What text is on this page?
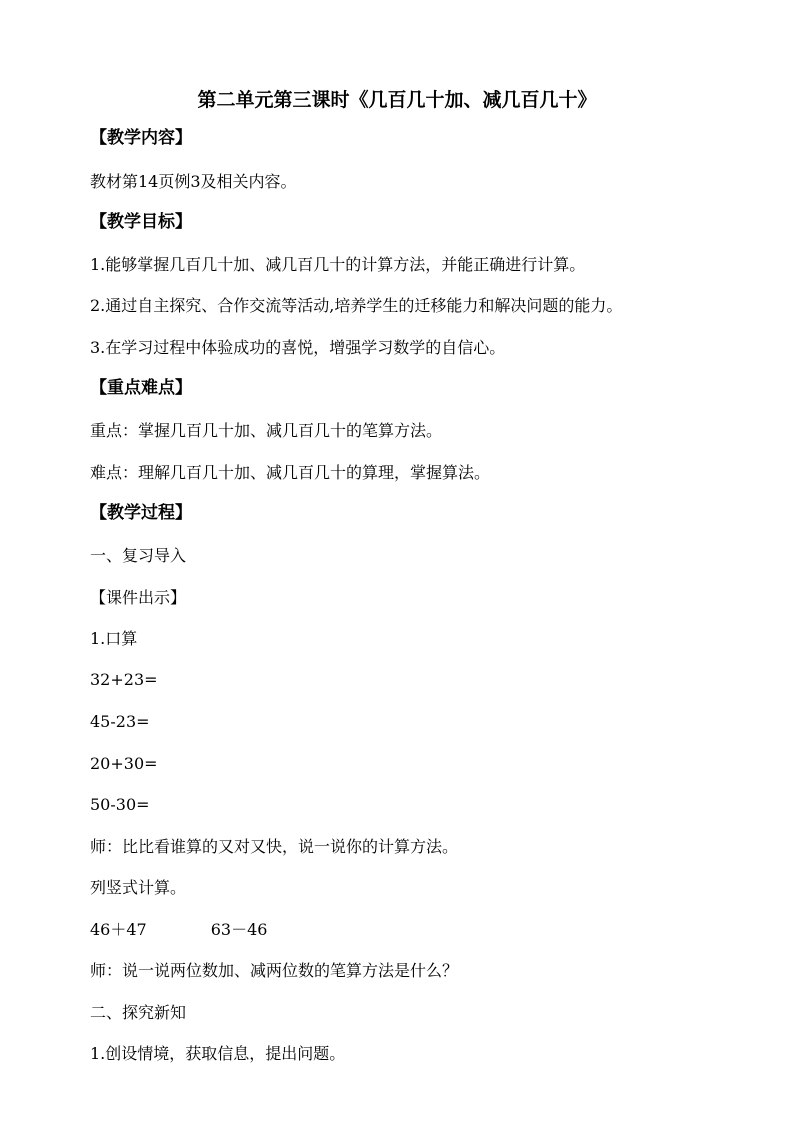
第二单元第三课时《几百几十加、减几百几十》
【教学内容】
教材第14页例3及相关内容。
【教学目标】
1.能够掌握几百几十加、减几百几十的计算方法，并能正确进行计算。
2.通过自主探究、合作交流等活动,培养学生的迁移能力和解决问题的能力。
3.在学习过程中体验成功的喜悦，增强学习数学的自信心。
【重点难点】
重点：掌握几百几十加、减几百几十的笔算方法。
难点：理解几百几十加、减几百几十的算理，掌握算法。
【教学过程】
一、复习导入
【课件出示】
1.口算
32+23=
45-23=
20+30=
50-30=
师：比比看谁算的又对又快，说一说你的计算方法。
列竖式计算。
46＋47	63－46
师：说一说两位数加、减两位数的笔算方法是什么？
二、探究新知
1.创设情境，获取信息，提出问题。
